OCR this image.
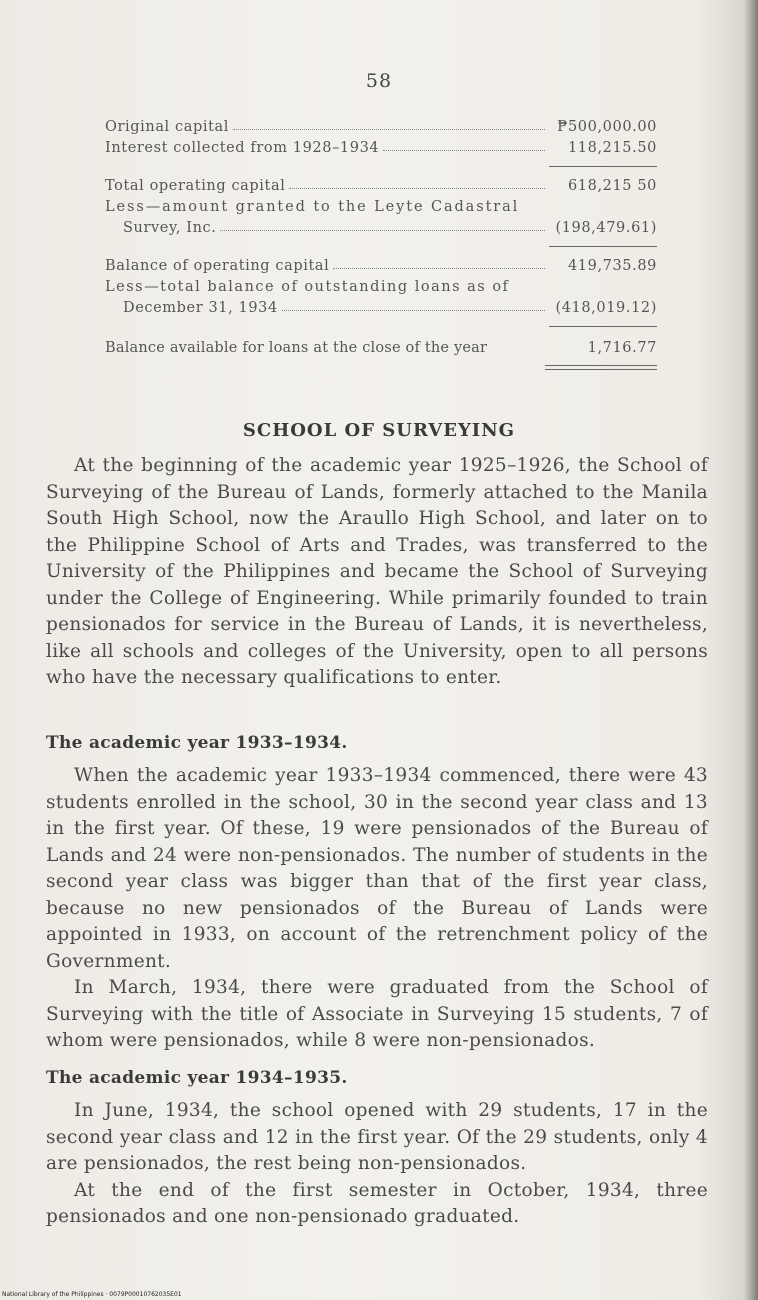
58
Original capital	₱500,000.00
Interest collected from 1928–1934	118,215.50
Total operating capital	618,215 50
Less—amount granted to the Leyte Cadastral
Survey, Inc.	(198,479.61)
Balance of operating capital	419,735.89
Less—total balance of outstanding loans as of
December 31, 1934	(418,019.12)
Balance available for loans at the close of the year	1,716.77
SCHOOL OF SURVEYING

At the beginning of the academic year 1925–1926, the School of Surveying of the Bureau of Lands, formerly attached to the Manila South High School, now the Araullo High School, and later on to the Philippine School of Arts and Trades, was transferred to the University of the Philippines and became the School of Surveying under the College of Engineering. While primarily founded to train pensionados for service in the Bureau of Lands, it is nevertheless, like all schools and colleges of the University, open to all persons who have the necessary qualifications to enter.

The academic year 1933–1934.

When the academic year 1933–1934 commenced, there were 43 students enrolled in the school, 30 in the second year class and 13 in the first year. Of these, 19 were pensionados of the Bureau of Lands and 24 were non-pensionados. The number of students in the second year class was bigger than that of the first year class, because no new pensionados of the Bureau of Lands were appointed in 1933, on account of the retrenchment policy of the Government.

In March, 1934, there were graduated from the School of Surveying with the title of Associate in Surveying 15 students, 7 of whom were pensionados, while 8 were non-pensionados.

The academic year 1934–1935.

In June, 1934, the school opened with 29 students, 17 in the second year class and 12 in the first year. Of the 29 students, only 4 are pensionados, the rest being non-pensionados.

At the end of the first semester in October, 1934, three pensionados and one non-pensionado graduated.

National Library of the Philippines · 0079P00010762035E01
